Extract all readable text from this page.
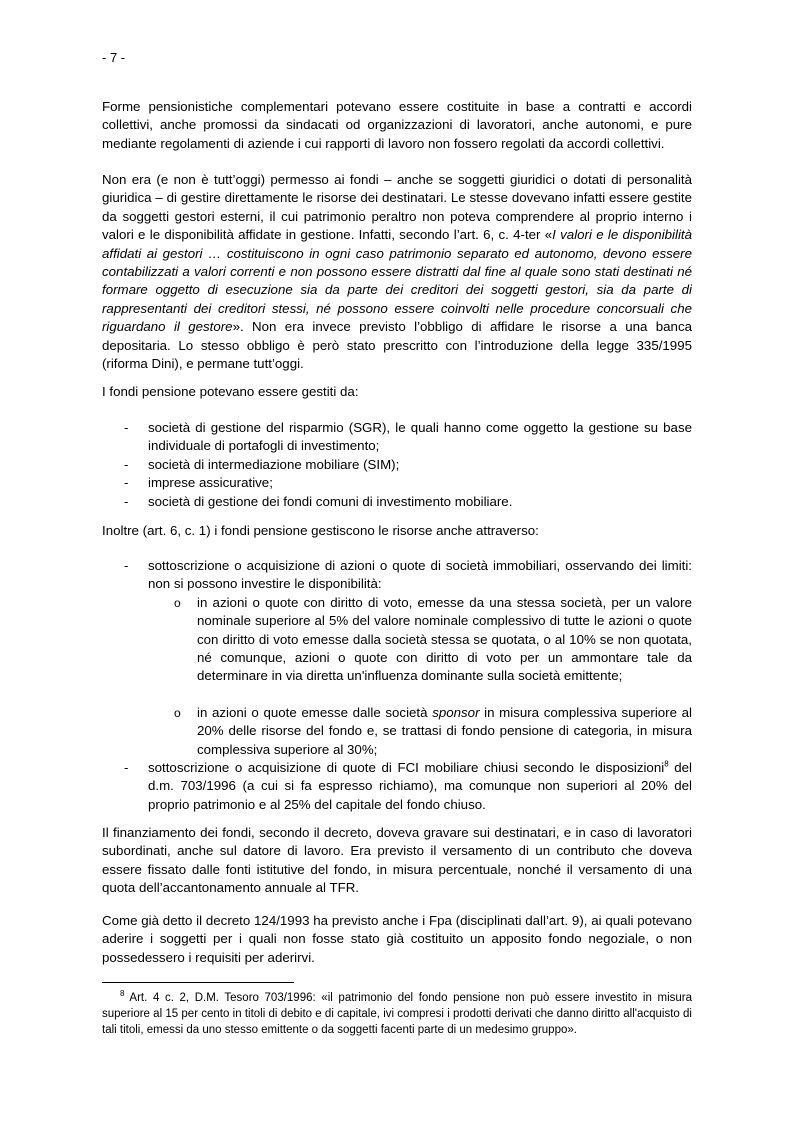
- 7 -

Forme pensionistiche complementari potevano essere costituite in base a contratti e accordi collettivi, anche promossi da sindacati od organizzazioni di lavoratori, anche autonomi, e pure mediante regolamenti di aziende i cui rapporti di lavoro non fossero regolati da accordi collettivi.

Non era (e non è tutt’oggi) permesso ai fondi – anche se soggetti giuridici o dotati di personalità giuridica – di gestire direttamente le risorse dei destinatari. Le stesse dovevano infatti essere gestite da soggetti gestori esterni, il cui patrimonio peraltro non poteva comprendere al proprio interno i valori e le disponibilità affidate in gestione. Infatti, secondo l’art. 6, c. 4-ter «I valori e le disponibilità affidati ai gestori … costituiscono in ogni caso patrimonio separato ed autonomo, devono essere contabilizzati a valori correnti e non possono essere distratti dal fine al quale sono stati destinati né formare oggetto di esecuzione sia da parte dei creditori dei soggetti gestori, sia da parte di rappresentanti dei creditori stessi, né possono essere coinvolti nelle procedure concorsuali che riguardano il gestore». Non era invece previsto l’obbligo di affidare le risorse a una banca depositaria. Lo stesso obbligo è però stato prescritto con l’introduzione della legge 335/1995 (riforma Dini), e permane tutt’oggi.

I fondi pensione potevano essere gestiti da:

- società di gestione del risparmio (SGR), le quali hanno come oggetto la gestione su base individuale di portafogli di investimento;
- società di intermediazione mobiliare (SIM);
- imprese assicurative;
- società di gestione dei fondi comuni di investimento mobiliare.

Inoltre (art. 6, c. 1) i fondi pensione gestiscono le risorse anche attraverso:

- sottoscrizione o acquisizione di azioni o quote di società immobiliari, osservando dei limiti: non si possono investire le disponibilità:
o in azioni o quote con diritto di voto, emesse da una stessa società, per un valore nominale superiore al 5% del valore nominale complessivo di tutte le azioni o quote con diritto di voto emesse dalla società stessa se quotata, o al 10% se non quotata, né comunque, azioni o quote con diritto di voto per un ammontare tale da determinare in via diretta un'influenza dominante sulla società emittente;
o in azioni o quote emesse dalle società sponsor in misura complessiva superiore al 20% delle risorse del fondo e, se trattasi di fondo pensione di categoria, in misura complessiva superiore al 30%;
- sottoscrizione o acquisizione di quote di FCI mobiliare chiusi secondo le disposizioni$^8$ del d.m. 703/1996 (a cui si fa espresso richiamo), ma comunque non superiori al 20% del proprio patrimonio e al 25% del capitale del fondo chiuso.

Il finanziamento dei fondi, secondo il decreto, doveva gravare sui destinatari, e in caso di lavoratori subordinati, anche sul datore di lavoro. Era previsto il versamento di un contributo che doveva essere fissato dalle fonti istitutive del fondo, in misura percentuale, nonché il versamento di una quota dell’accantonamento annuale al TFR.

Come già detto il decreto 124/1993 ha previsto anche i Fpa (disciplinati dall’art. 9), ai quali potevano aderire i soggetti per i quali non fosse stato già costituito un apposito fondo negoziale, o non possedessero i requisiti per aderirvi.

$^8$ Art. 4 c. 2, D.M. Tesoro 703/1996: «il patrimonio del fondo pensione non può essere investito in misura superiore al 15 per cento in titoli di debito e di capitale, ivi compresi i prodotti derivati che danno diritto all'acquisto di tali titoli, emessi da uno stesso emittente o da soggetti facenti parte di un medesimo gruppo».
